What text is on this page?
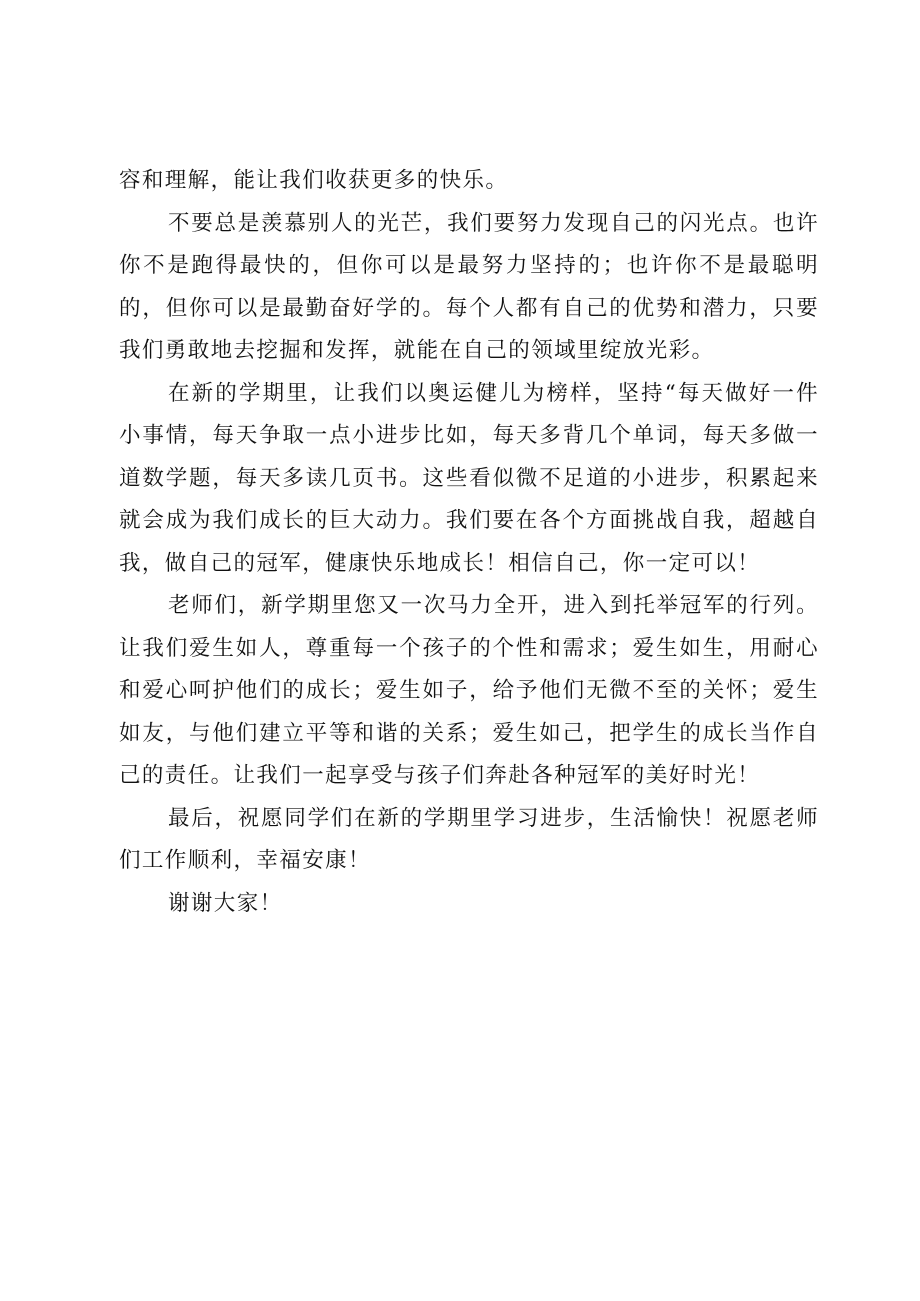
容和理解，能让我们收获更多的快乐。

不要总是羡慕别人的光芒，我们要努力发现自己的闪光点。也许你不是跑得最快的，但你可以是最努力坚持的；也许你不是最聪明的，但你可以是最勤奋好学的。每个人都有自己的优势和潜力，只要我们勇敢地去挖掘和发挥，就能在自己的领域里绽放光彩。

在新的学期里，让我们以奥运健儿为榜样，坚持“每天做好一件小事情，每天争取一点小进步比如，每天多背几个单词，每天多做一道数学题，每天多读几页书。这些看似微不足道的小进步，积累起来就会成为我们成长的巨大动力。我们要在各个方面挑战自我，超越自我，做自己的冠军，健康快乐地成长！相信自己，你一定可以！

老师们，新学期里您又一次马力全开，进入到托举冠军的行列。让我们爱生如人，尊重每一个孩子的个性和需求；爱生如生，用耐心和爱心呵护他们的成长；爱生如子，给予他们无微不至的关怀；爱生如友，与他们建立平等和谐的关系；爱生如己，把学生的成长当作自己的责任。让我们一起享受与孩子们奔赴各种冠军的美好时光！

最后，祝愿同学们在新的学期里学习进步，生活愉快！祝愿老师们工作顺利，幸福安康！

谢谢大家！
